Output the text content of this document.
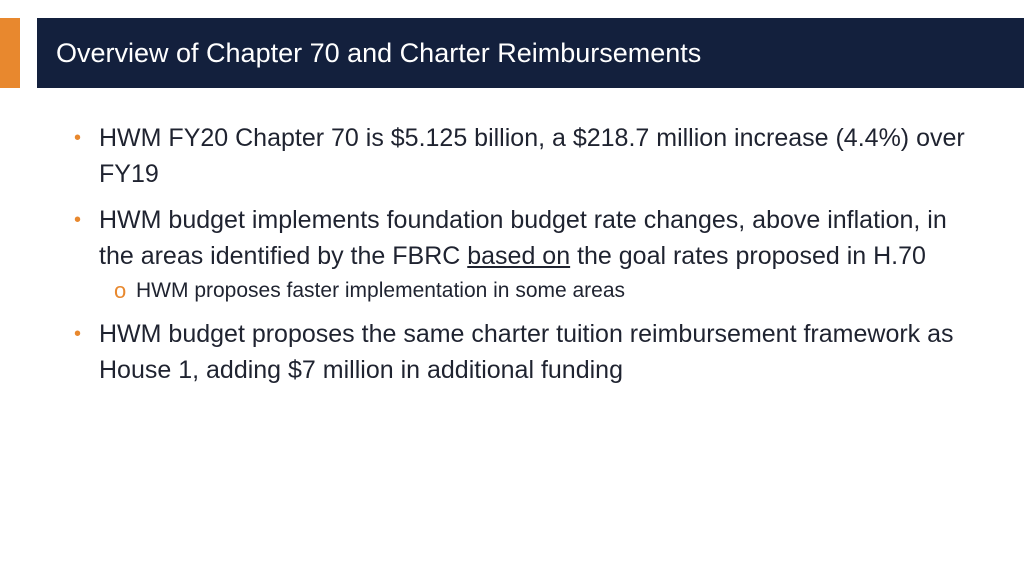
Overview of Chapter 70 and Charter Reimbursements
• HWM FY20 Chapter 70 is $5.125 billion, a $218.7 million increase (4.4%) over FY19
• HWM budget implements foundation budget rate changes, above inflation, in the areas identified by the FBRC based on the goal rates proposed in H.70
o HWM proposes faster implementation in some areas
• HWM budget proposes the same charter tuition reimbursement framework as House 1, adding $7 million in additional funding
